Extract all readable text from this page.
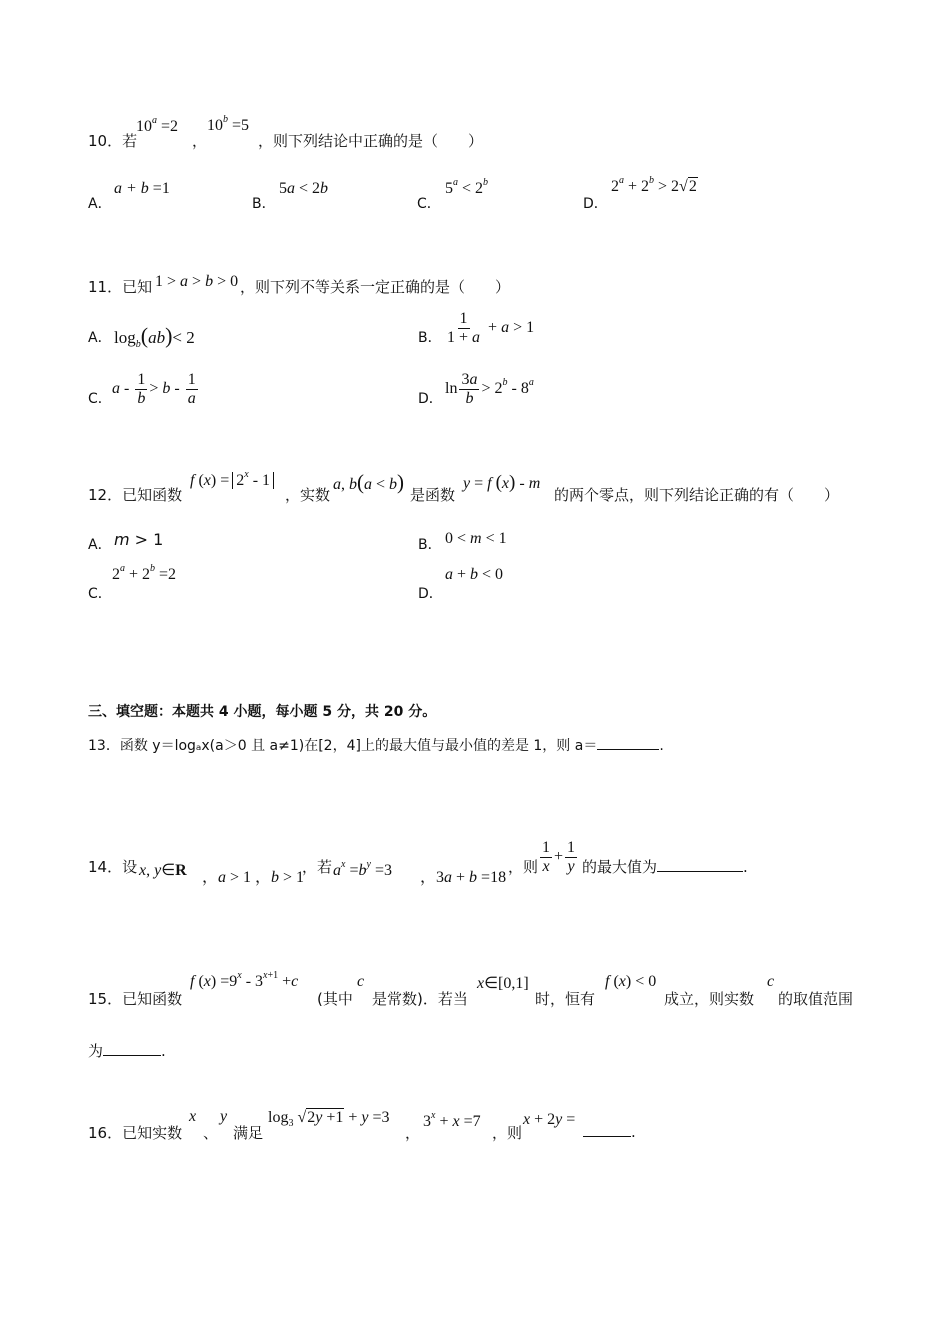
10．若
$10^a =2$
，
$10^b =5$
，则下列结论中正确的是（　　）
A．
a + b =1
B．
5a < 2b
C．
$5^a < 2^b$
D．
$2^a + 2^b > 2√2$
11．已知 1 > a > b > 0 ，则下列不等关系一定正确的是（　　）
A． $\log_b(ab)< 2$	B． $\frac{1}{1 + a} + a > 1$
C．
$a - \frac{1}{b} > b - \frac{1}{a}$	D．
$\ln \frac{3a}{b} > 2^b - 8^a$
12．已知函数
f $(x) = 2^x - 1$
，实数
a, b(a < b)
是函数
y = f (x) - m
的两个零点，则下列结论正确的有（　　）
A． m > 1	B． 0 < m < 1
C．
$2^a + 2^b =2$
D．
a + b < 0
三、填空题：本题共 4 小题，每小题 5 分，共 20 分。
13．函数 y＝logₐx(a＞0 且 a≠1)在[2，4]上的最大值与最小值的差是 1，则 a＝	.
14．设 x, y∈R ，a > 1 ，b > 1
，若 $a^x =b^y =3$ ，3a + b =18
，则 $\frac{1}{x} + \frac{1}{y}$ 的最大值为	.
15．已知函数
f $(x) =9^x - 3^{x+1} +c$
(其中
c
是常数)．若当
x∈[0,1]
时，恒有
f (x) < 0
成立，则实数
c
的取值范围
为	.
16．已知实数
x
、
y
满足
$\log_3 √2y +1 + y =3$
，
$3^x + x =7$
，则
x + 2y =
.
